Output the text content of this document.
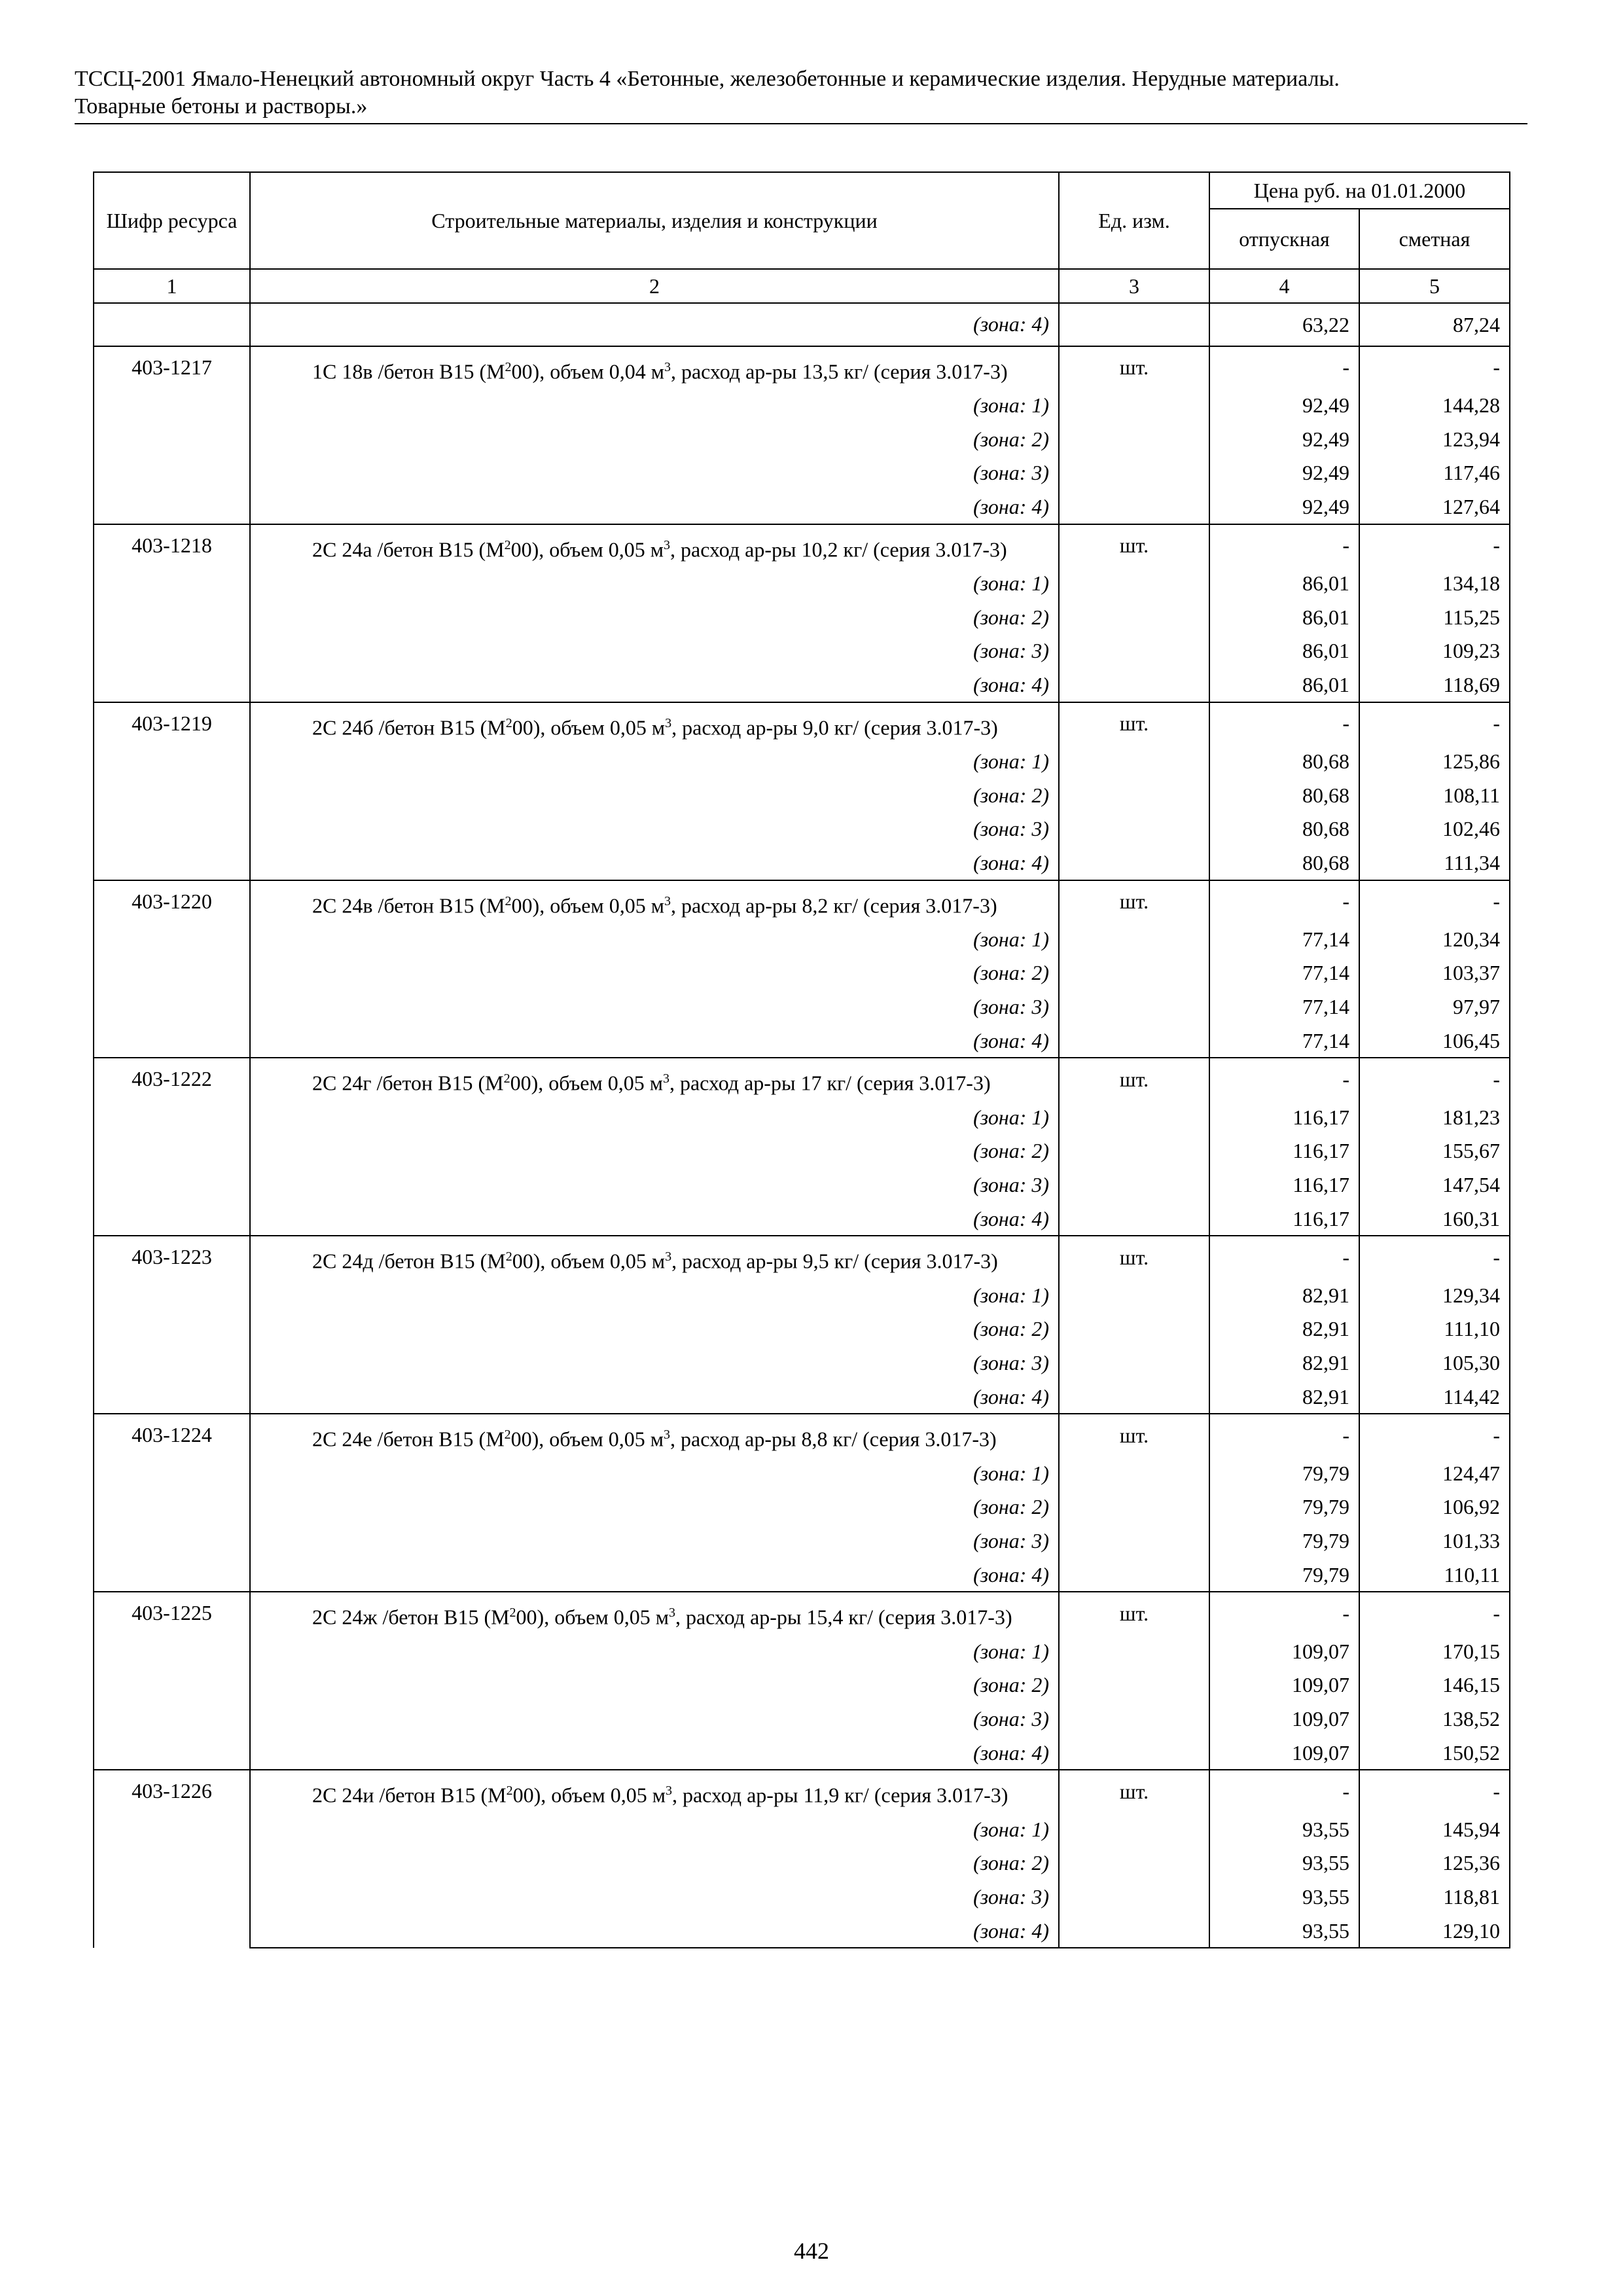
ТССЦ-2001 Ямало-Ненецкий автономный округ Часть 4 «Бетонные, железобетонные и керамические изделия. Нерудные материалы.
Товарные бетоны и растворы.»
Шифр ресурса	Строительные материалы, изделия и конструкции	Ед. изм.	Цена руб. на 01.01.2000	
			отпускная	сметная
1	2	3	4	5
	(зона: 4)		63,22	87,24
403-1217	1С 18в /бетон В15 $(М^200)$, объем 0,04 $м^3$, расход ар-ры 13,5 кг/ (серия 3.017-3)	шт.	-	-
	(зона: 1)		92,49	144,28
	(зона: 2)		92,49	123,94
	(зона: 3)		92,49	117,46
	(зона: 4)		92,49	127,64
403-1218	2С 24а /бетон В15 $(М^200)$, объем 0,05 $м^3$, расход ар-ры 10,2 кг/ (серия 3.017-3)	шт.	-	-
	(зона: 1)		86,01	134,18
	(зона: 2)		86,01	115,25
	(зона: 3)		86,01	109,23
	(зона: 4)		86,01	118,69
403-1219	2С 24б /бетон В15 $(М^200)$, объем 0,05 $м^3$, расход ар-ры 9,0 кг/ (серия 3.017-3)	шт.	-	-
	(зона: 1)		80,68	125,86
	(зона: 2)		80,68	108,11
	(зона: 3)		80,68	102,46
	(зона: 4)		80,68	111,34
403-1220	2С 24в /бетон В15 $(М^200)$, объем 0,05 $м^3$, расход ар-ры 8,2 кг/ (серия 3.017-3)	шт.	-	-
	(зона: 1)		77,14	120,34
	(зона: 2)		77,14	103,37
	(зона: 3)		77,14	97,97
	(зона: 4)		77,14	106,45
403-1222	2С 24г /бетон В15 $(М^200)$, объем 0,05 $м^3$, расход ар-ры 17 кг/ (серия 3.017-3)	шт.	-	-
	(зона: 1)		116,17	181,23
	(зона: 2)		116,17	155,67
	(зона: 3)		116,17	147,54
	(зона: 4)		116,17	160,31
403-1223	2С 24д /бетон В15 $(М^200)$, объем 0,05 $м^3$, расход ар-ры 9,5 кг/ (серия 3.017-3)	шт.	-	-
	(зона: 1)		82,91	129,34
	(зона: 2)		82,91	111,10
	(зона: 3)		82,91	105,30
	(зона: 4)		82,91	114,42
403-1224	2С 24е /бетон В15 $(М^200)$, объем 0,05 $м^3$, расход ар-ры 8,8 кг/ (серия 3.017-3)	шт.	-	-
	(зона: 1)		79,79	124,47
	(зона: 2)		79,79	106,92
	(зона: 3)		79,79	101,33
	(зона: 4)		79,79	110,11
403-1225	2С 24ж /бетон В15 $(М^200)$, объем 0,05 $м^3$, расход ар-ры 15,4 кг/ (серия 3.017-3)	шт.	-	-
	(зона: 1)		109,07	170,15
	(зона: 2)		109,07	146,15
	(зона: 3)		109,07	138,52
	(зона: 4)		109,07	150,52
403-1226	2С 24и /бетон В15 $(М^200)$, объем 0,05 $м^3$, расход ар-ры 11,9 кг/ (серия 3.017-3)	шт.	-	-
	(зона: 1)		93,55	145,94
	(зона: 2)		93,55	125,36
	(зона: 3)		93,55	118,81
	(зона: 4)		93,55	129,10
442
